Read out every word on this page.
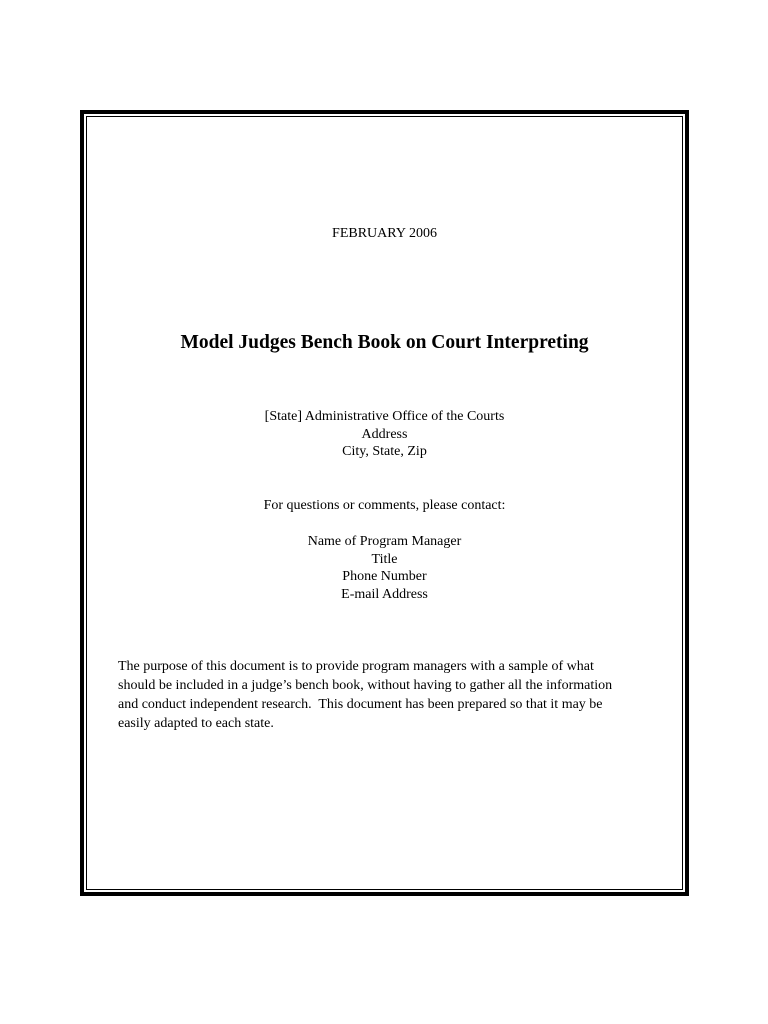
FEBRUARY 2006
Model Judges Bench Book on Court Interpreting
[State] Administrative Office of the Courts
Address
City, State, Zip
For questions or comments, please contact:
Name of Program Manager
Title
Phone Number
E-mail Address
The purpose of this document is to provide program managers with a sample of what
should be included in a judge’s bench book, without having to gather all the information
and conduct independent research.  This document has been prepared so that it may be
easily adapted to each state.
